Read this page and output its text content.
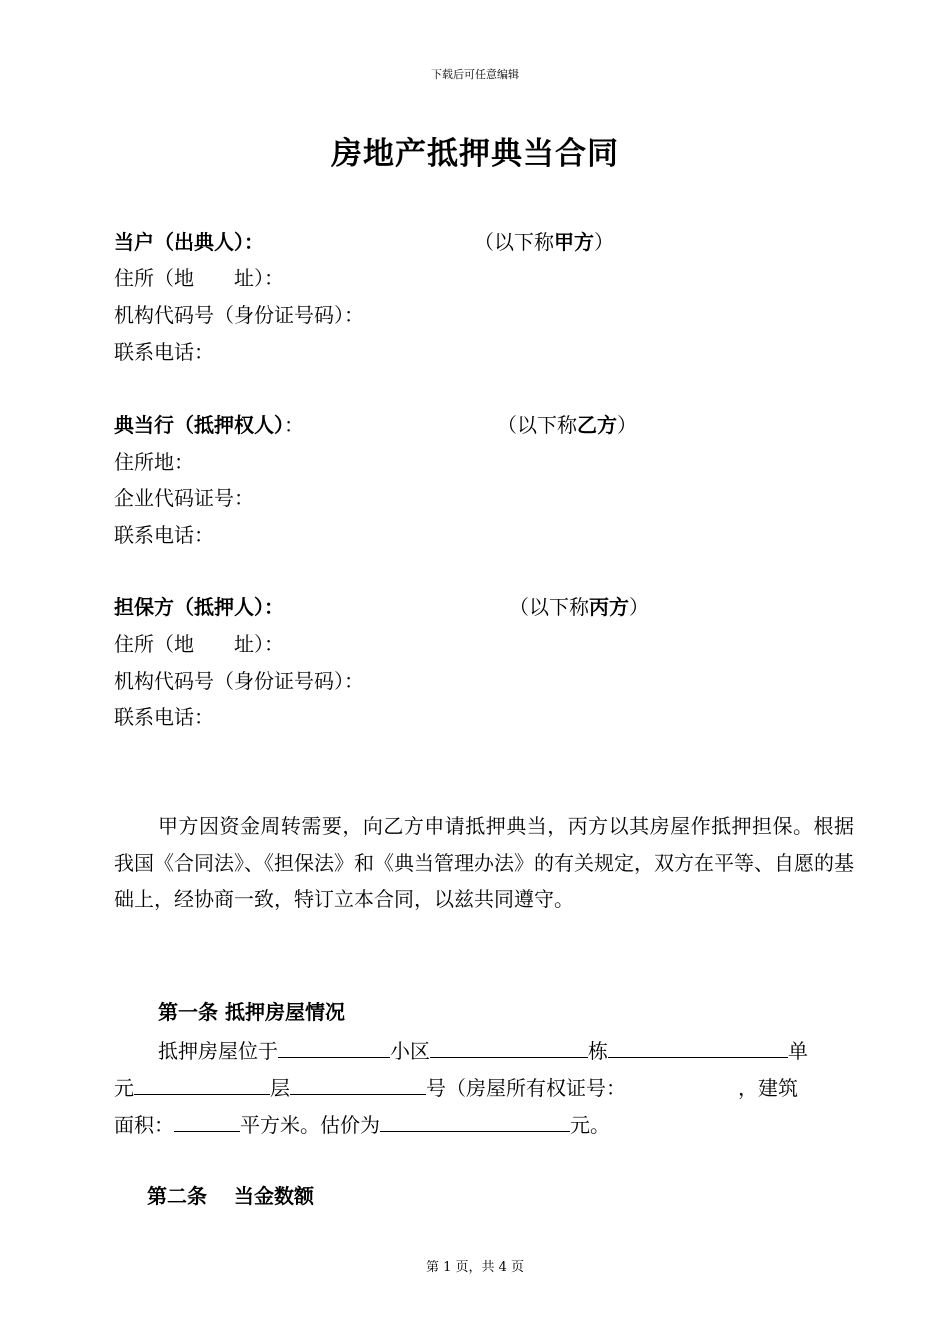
下载后可任意编辑
房地产抵押典当合同
当户（出典人）：	（以下称甲方）
住所（地　　址）：
机构代码号（身份证号码）：
联系电话：
典当行（抵押权人）：	（以下称乙方）
住所地：
企业代码证号：
联系电话：
担保方（抵押人）：	（以下称丙方）
住所（地　　址）：
机构代码号（身份证号码）：
联系电话：
甲方因资金周转需要，向乙方申请抵押典当，丙方以其房屋作抵押担保。根据我国《合同法》、《担保法》和《典当管理办法》的有关规定，双方在平等、自愿的基础上，经协商一致，特订立本合同，以兹共同遵守。
第一条 抵押房屋情况
抵押房屋位于	小区	栋	单
元	层	号（房屋所有权证号：	，建筑
面积：	平方米。估价为	元。
第二条　 当金数额
第 1 页，共 4 页
